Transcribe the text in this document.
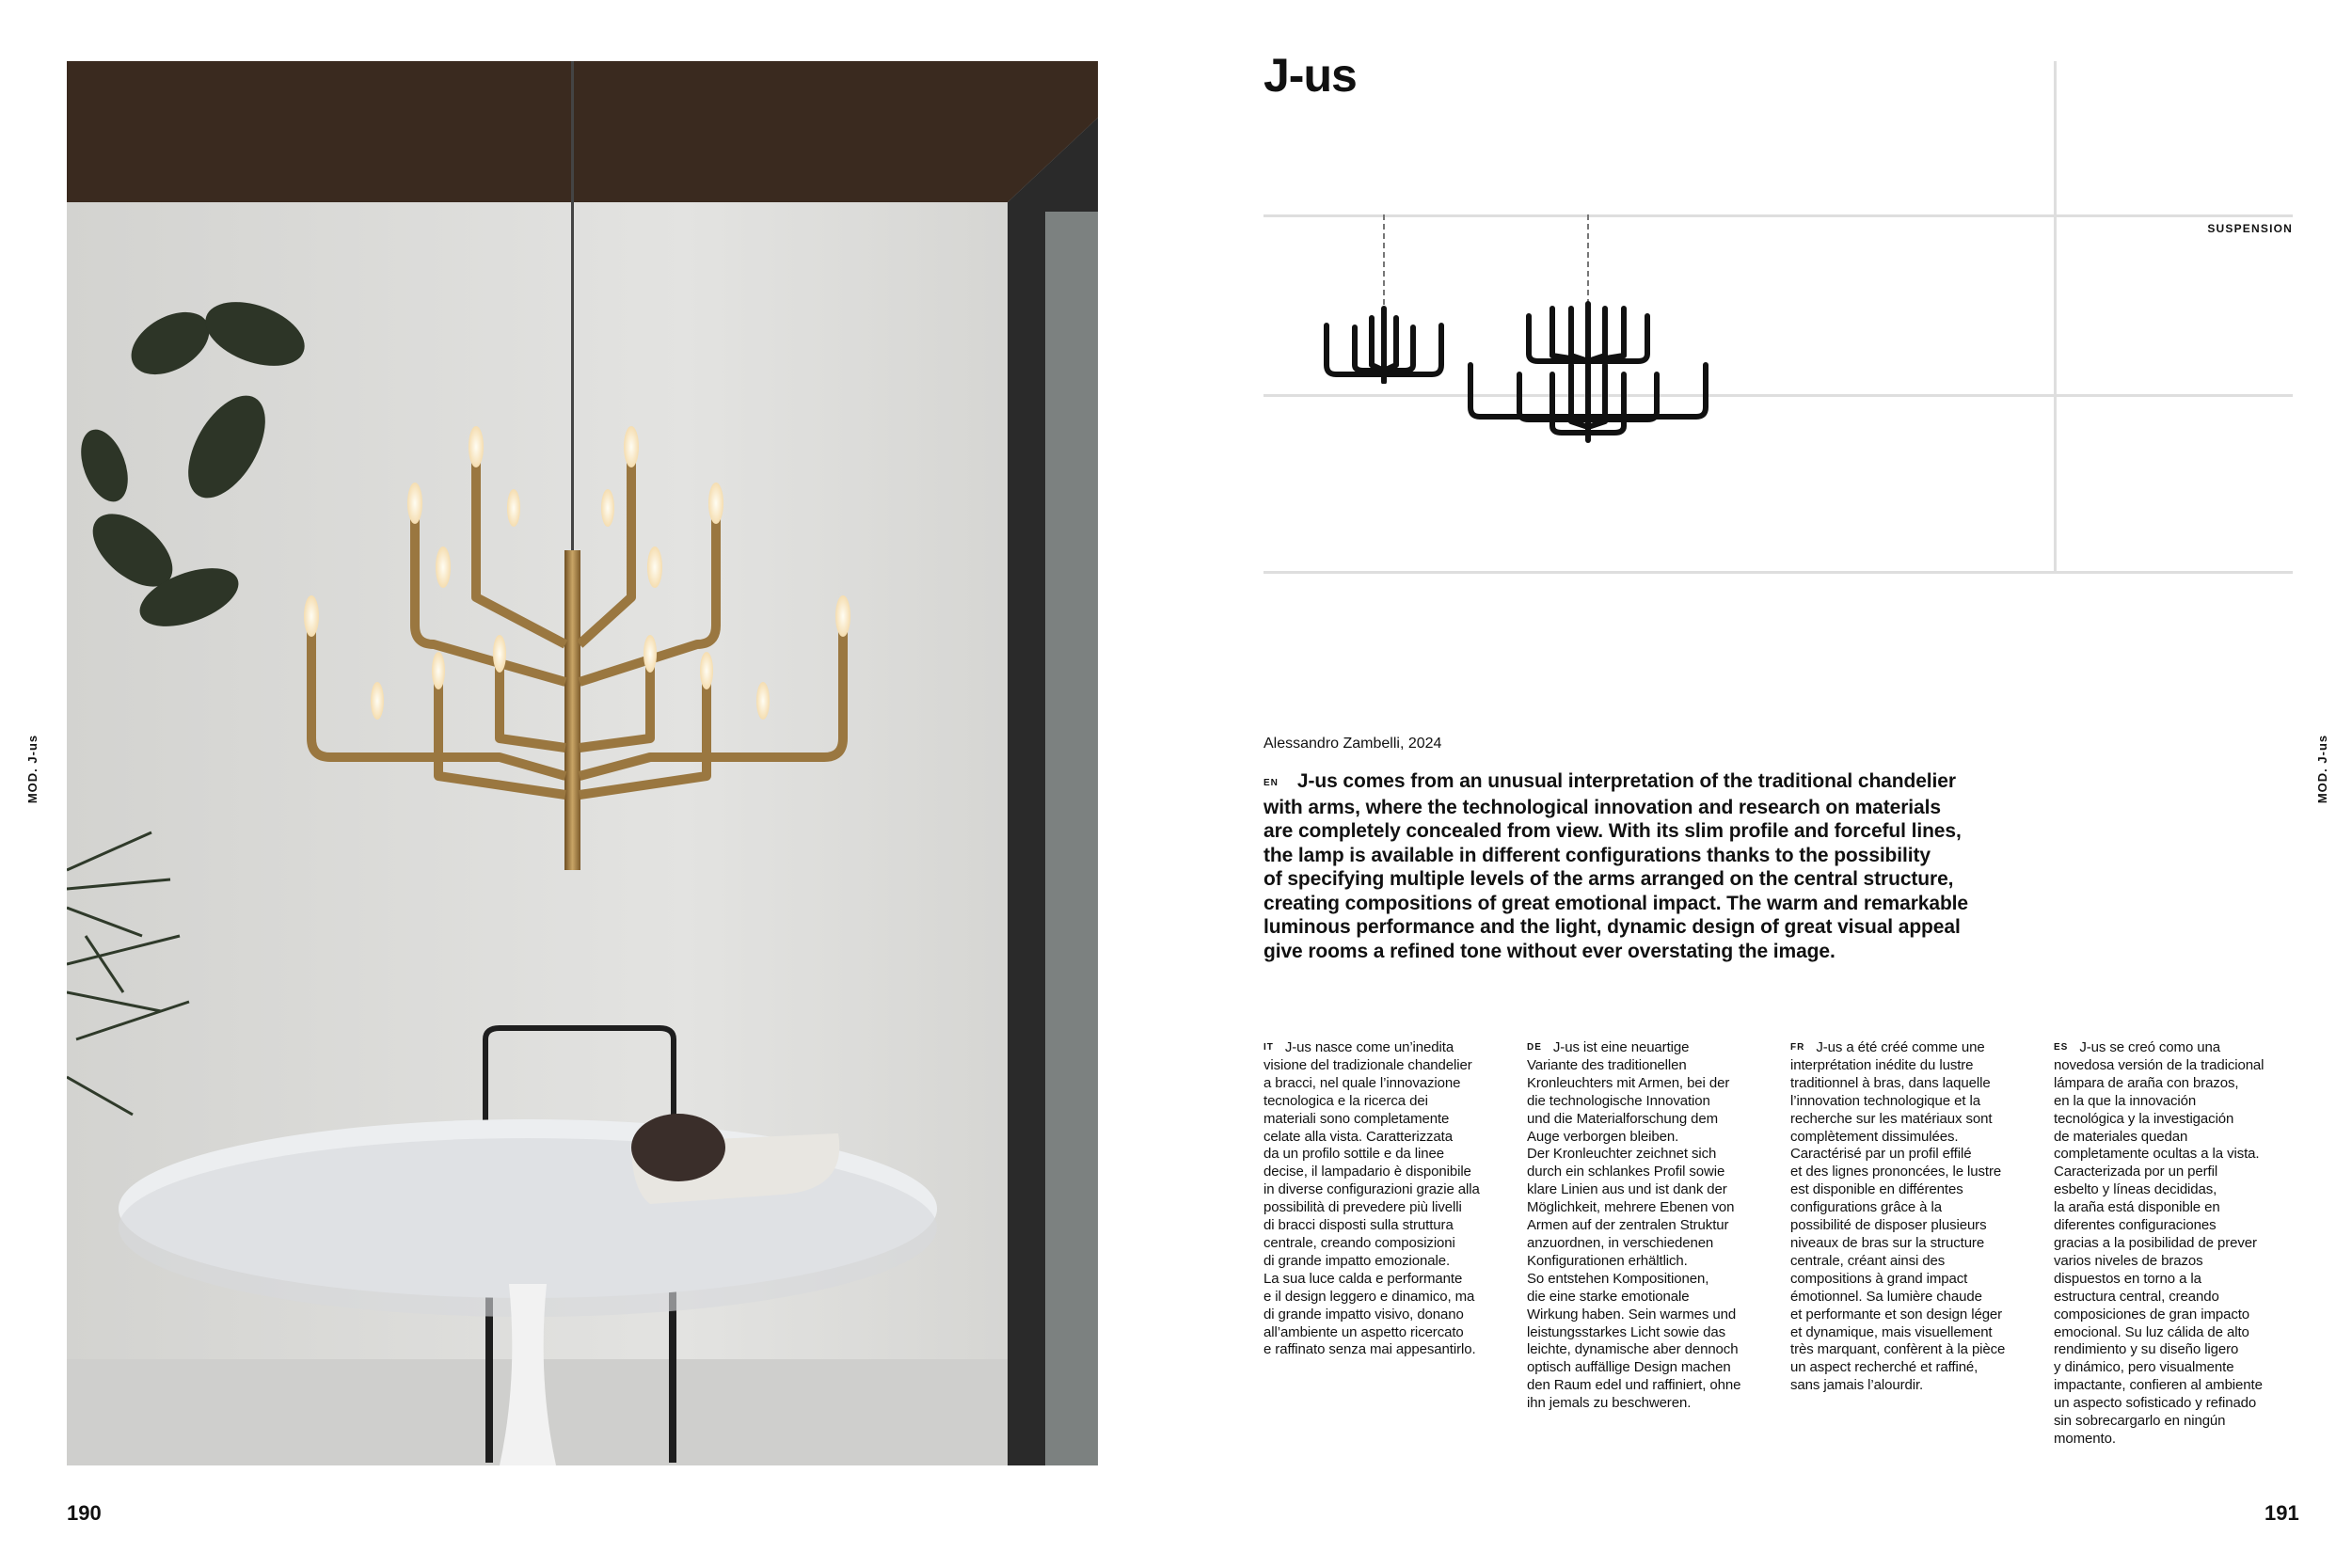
MOD. J-us
190
J-us
SUSPENSION
Alessandro Zambelli, 2024
EN J-us comes from an unusual interpretation of the traditional chandelier
with arms, where the technological innovation and research on materials
are completely concealed from view. With its slim profile and forceful lines,
the lamp is available in different configurations thanks to the possibility
of specifying multiple levels of the arms arranged on the central structure,
creating compositions of great emotional impact. The warm and remarkable
luminous performance and the light, dynamic design of great visual appeal
give rooms a refined tone without ever overstating the image.
IT J-us nasce come un’inedita
visione del tradizionale chandelier
a bracci, nel quale l’innovazione
tecnologica e la ricerca dei
materiali sono completamente
celate alla vista. Caratterizzata
da un profilo sottile e da linee
decise, il lampadario è disponibile
in diverse configurazioni grazie alla
possibilità di prevedere più livelli
di bracci disposti sulla struttura
centrale, creando composizioni
di grande impatto emozionale.
La sua luce calda e performante
e il design leggero e dinamico, ma
di grande impatto visivo, donano
all’ambiente un aspetto ricercato
e raffinato senza mai appesantirlo.
DE J-us ist eine neuartige
Variante des traditionellen
Kronleuchters mit Armen, bei der
die technologische Innovation
und die Materialforschung dem
Auge verborgen bleiben.
Der Kronleuchter zeichnet sich
durch ein schlankes Profil sowie
klare Linien aus und ist dank der
Möglichkeit, mehrere Ebenen von
Armen auf der zentralen Struktur
anzuordnen, in verschiedenen
Konfigurationen erhältlich.
So entstehen Kompositionen,
die eine starke emotionale
Wirkung haben. Sein warmes und
leistungsstarkes Licht sowie das
leichte, dynamische aber dennoch
optisch auffällige Design machen
den Raum edel und raffiniert, ohne
ihn jemals zu beschweren.
FR J-us a été créé comme une
interprétation inédite du lustre
traditionnel à bras, dans laquelle
l’innovation technologique et la
recherche sur les matériaux sont
complètement dissimulées.
Caractérisé par un profil effilé
et des lignes prononcées, le lustre
est disponible en différentes
configurations grâce à la
possibilité de disposer plusieurs
niveaux de bras sur la structure
centrale, créant ainsi des
compositions à grand impact
émotionnel. Sa lumière chaude
et performante et son design léger
et dynamique, mais visuellement
très marquant, confèrent à la pièce
un aspect recherché et raffiné,
sans jamais l’alourdir.
ES J-us se creó como una
novedosa versión de la tradicional
lámpara de araña con brazos,
en la que la innovación
tecnológica y la investigación
de materiales quedan
completamente ocultas a la vista.
Caracterizada por un perfil
esbelto y líneas decididas,
la araña está disponible en
diferentes configuraciones
gracias a la posibilidad de prever
varios niveles de brazos
dispuestos en torno a la
estructura central, creando
composiciones de gran impacto
emocional. Su luz cálida de alto
rendimiento y su diseño ligero
y dinámico, pero visualmente
impactante, confieren al ambiente
un aspecto sofisticado y refinado
sin sobrecargarlo en ningún
momento.
MOD. J-us
191
